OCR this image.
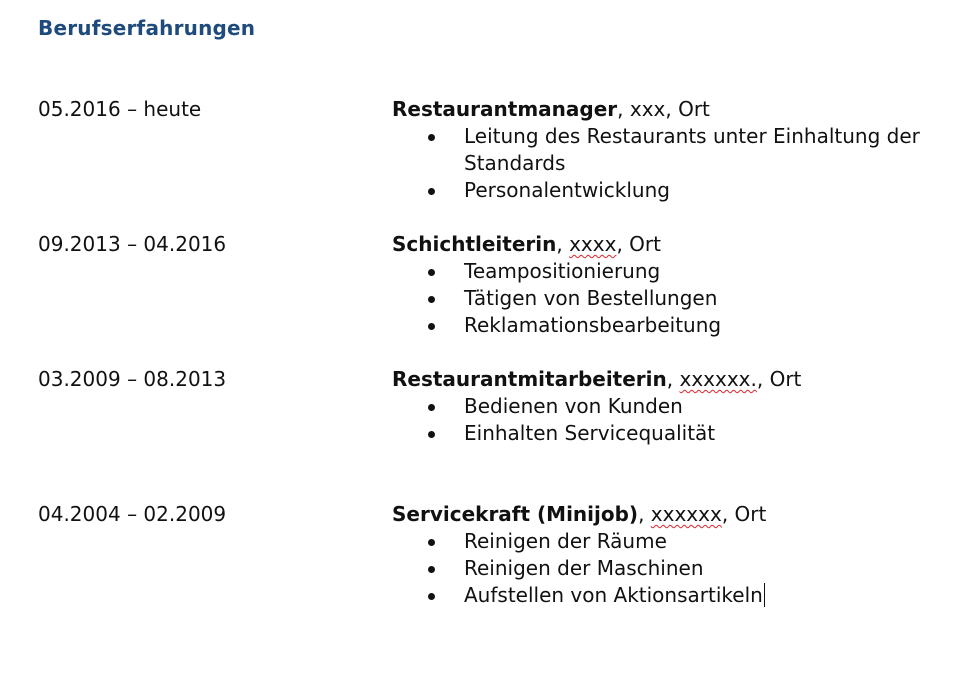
Berufserfahrungen
05.2016 – heute	Restaurantmanager, xxx, Ort
Leitung des Restaurants unter Einhaltung der
Standards
Personalentwicklung
09.2013 – 04.2016	Schichtleiterin, xxxx, Ort
Teampositionierung
Tätigen von Bestellungen
Reklamationsbearbeitung
03.2009 – 08.2013	Restaurantmitarbeiterin, xxxxxx., Ort
Bedienen von Kunden
Einhalten Servicequalität
04.2004 – 02.2009	Servicekraft (Minijob), xxxxxx, Ort
Reinigen der Räume
Reinigen der Maschinen
Aufstellen von Aktionsartikeln
